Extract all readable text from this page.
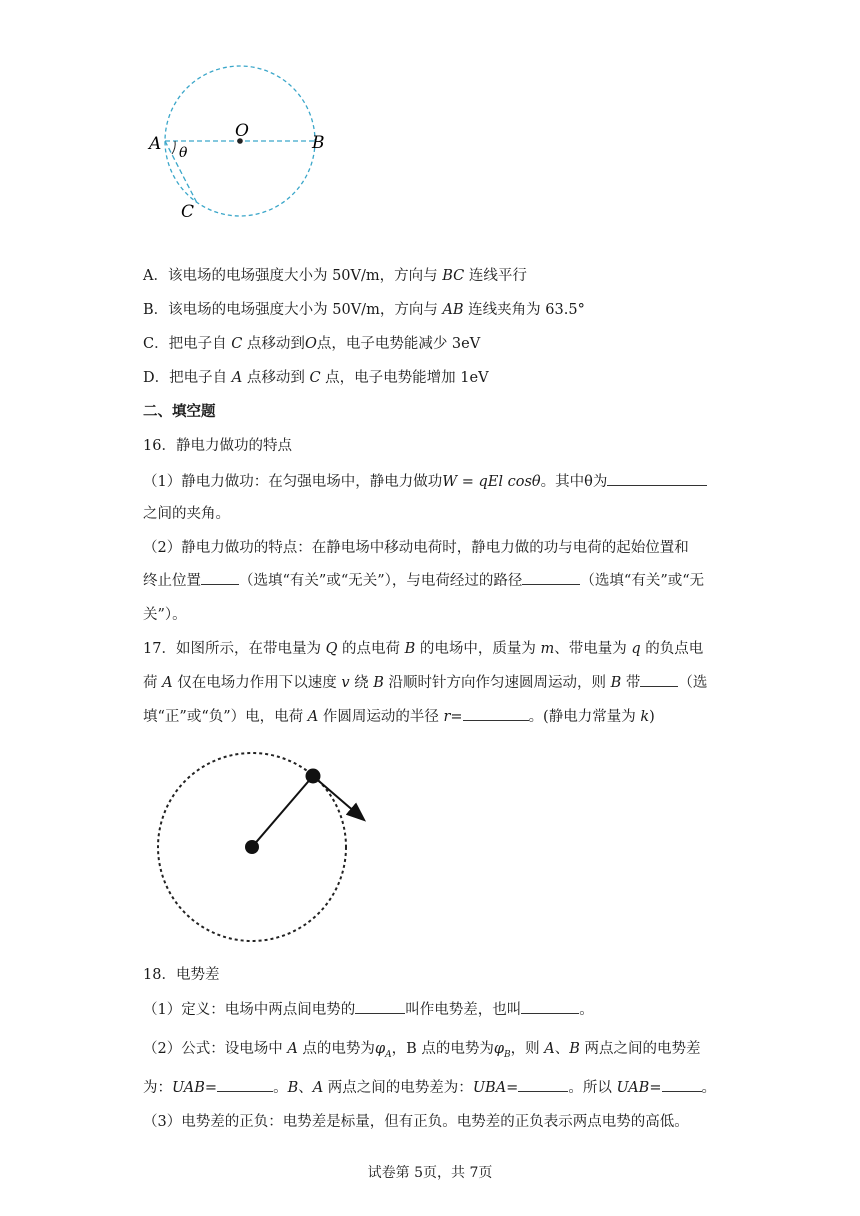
A
O
B
C
θ
A．该电场的电场强度大小为 50V/m，方向与 BC 连线平行
B．该电场的电场强度大小为 50V/m，方向与 AB 连线夹角为 63.5°
C．把电子自 C 点移动到O点，电子电势能减少 3eV
D．把电子自 A 点移动到 C 点，电子电势能增加 1eV
二、填空题
16．静电力做功的特点
（1）静电力做功：在匀强电场中，静电力做功W = qEl cosθ。其中θ为
之间的夹角。
（2）静电力做功的特点：在静电场中移动电荷时，静电力做的功与电荷的起始位置和
终止位置	（选填“有关”或“无关”），与电荷经过的路径	（选填“有关”或“无
关”）。
17．如图所示，在带电量为 Q 的点电荷 B 的电场中，质量为 m、带电量为 q 的负点电
荷 A 仅在电场力作用下以速度 v 绕 B 沿顺时针方向作匀速圆周运动，则 B 带	（选
填“正”或“负”）电，电荷 A 作圆周运动的半径 r=	。(静电力常量为 k)
18．电势差
（1）定义：电场中两点间电势的	叫作电势差，也叫	。
（2）公式：设电场中 A 点的电势为$\varphi_A$，B 点的电势为$\varphi_B$，则 A、B 两点之间的电势差
为：UAB=	。B、A 两点之间的电势差为：UBA=	。所以 UAB=	。
（3）电势差的正负：电势差是标量，但有正负。电势差的正负表示两点电势的高低。
试卷第 5页，共 7页
